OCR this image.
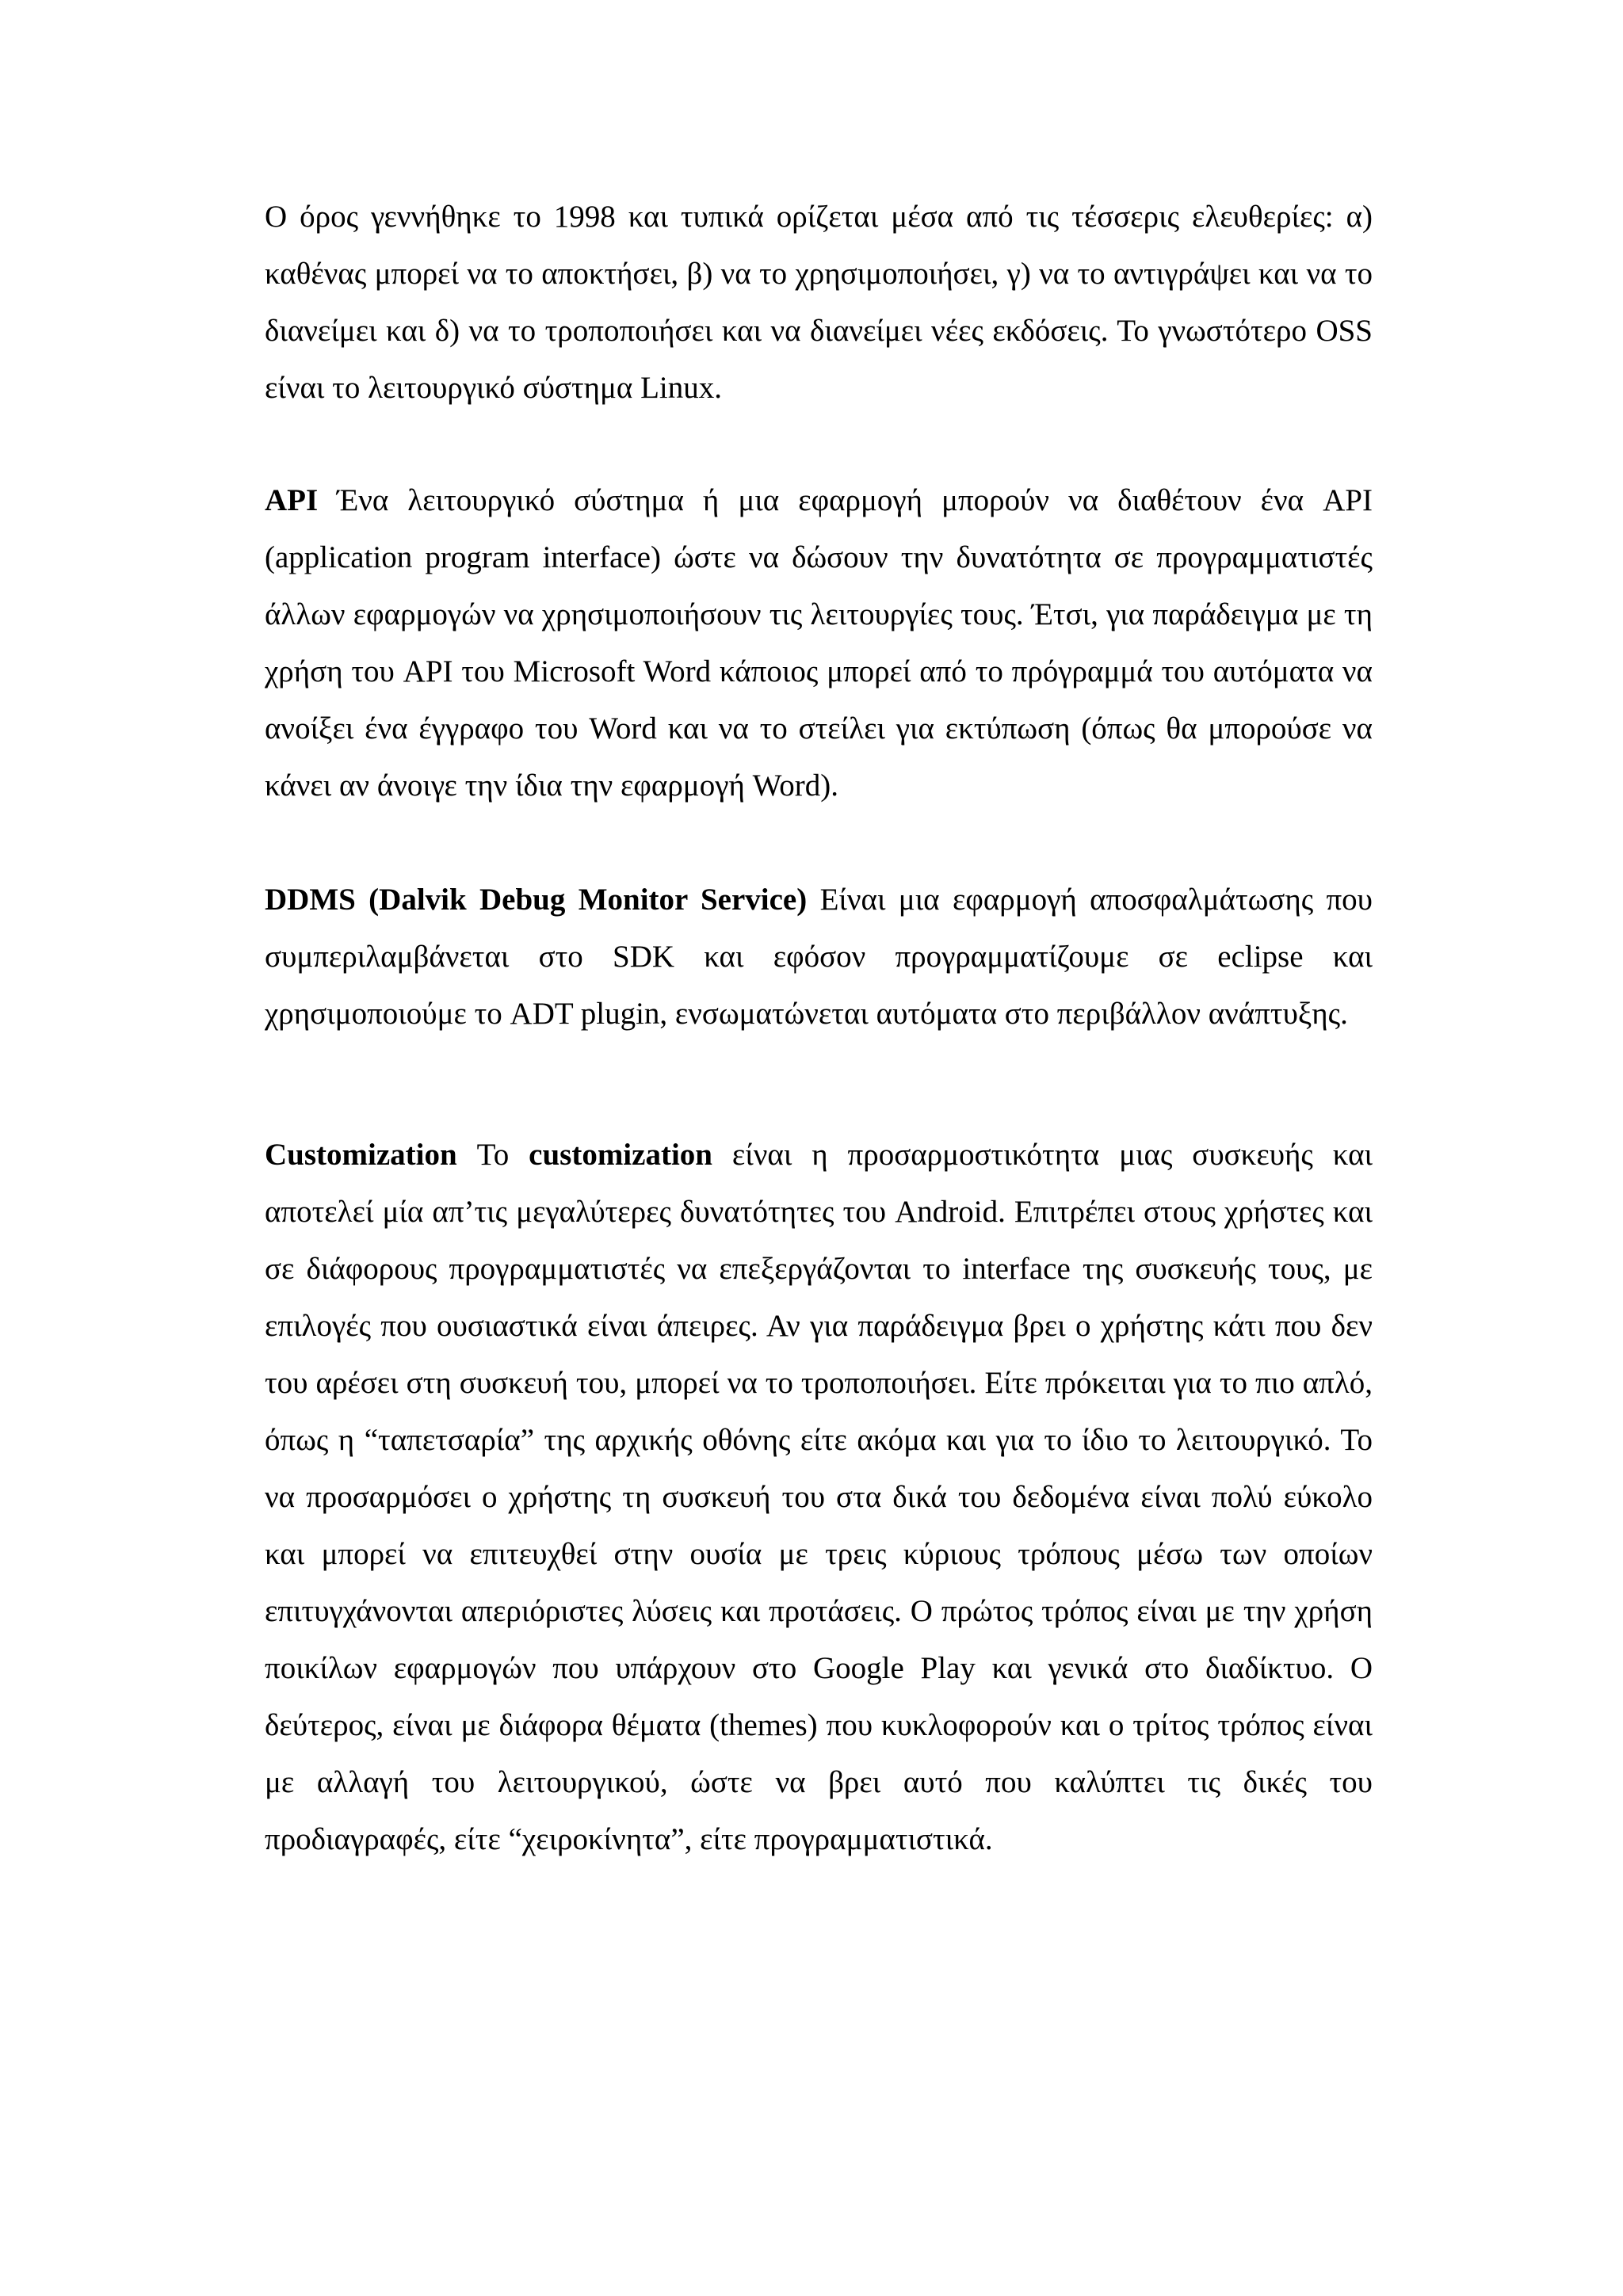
Ο όρος γεννήθηκε το 1998 και τυπικά ορίζεται μέσα από τις τέσσερις ελευθερίες: α) καθένας μπορεί να το αποκτήσει, β) να το χρησιμοποιήσει, γ) να το αντιγράψει και να το διανείμει και δ) να το τροποποιήσει και να διανείμει νέες εκδόσεις. Το γνωστότερο OSS είναι το λειτουργικό σύστημα Linux.

API Ένα λειτουργικό σύστημα ή μια εφαρμογή μπορούν να διαθέτουν ένα API (application program interface) ώστε να δώσουν την δυνατότητα σε προγραμματιστές άλλων εφαρμογών να χρησιμοποιήσουν τις λειτουργίες τους. Έτσι, για παράδειγμα με τη χρήση του API του Microsoft Word κάποιος μπορεί από το πρόγραμμά του αυτόματα να ανοίξει ένα έγγραφο του Word και να το στείλει για εκτύπωση (όπως θα μπορούσε να κάνει αν άνοιγε την ίδια την εφαρμογή Word).

DDMS (Dalvik Debug Monitor Service) Είναι μια εφαρμογή αποσφαλμάτωσης που συμπεριλαμβάνεται στο SDK και εφόσον προγραμματίζουμε σε eclipse και χρησιμοποιούμε το ADT plugin, ενσωματώνεται αυτόματα στο περιβάλλον ανάπτυξης.

Customization Το customization είναι η προσαρμοστικότητα μιας συσκευής και αποτελεί μία απ’τις μεγαλύτερες δυνατότητες του Android. Επιτρέπει στους χρήστες και σε διάφορους προγραμματιστές να επεξεργάζονται το interface της συσκευής τους, με επιλογές που ουσιαστικά είναι άπειρες. Αν για παράδειγμα βρει ο χρήστης κάτι που δεν του αρέσει στη συσκευή του, μπορεί να το τροποποιήσει. Είτε πρόκειται για το πιο απλό, όπως η “ταπετσαρία” της αρχικής οθόνης είτε ακόμα και για το ίδιο το λειτουργικό. Το να προσαρμόσει ο χρήστης τη συσκευή του στα δικά του δεδομένα είναι πολύ εύκολο και μπορεί να επιτευχθεί στην ουσία με τρεις κύριους τρόπους μέσω των οποίων επιτυγχάνονται απεριόριστες λύσεις και προτάσεις. Ο πρώτος τρόπος είναι με την χρήση ποικίλων εφαρμογών που υπάρχουν στο Google Play και γενικά στο διαδίκτυο. Ο δεύτερος, είναι με διάφορα θέματα (themes) που κυκλοφορούν και ο τρίτος τρόπος είναι με αλλαγή του λειτουργικού, ώστε να βρει αυτό που καλύπτει τις δικές του προδιαγραφές, είτε “χειροκίνητα”, είτε προγραμματιστικά.
